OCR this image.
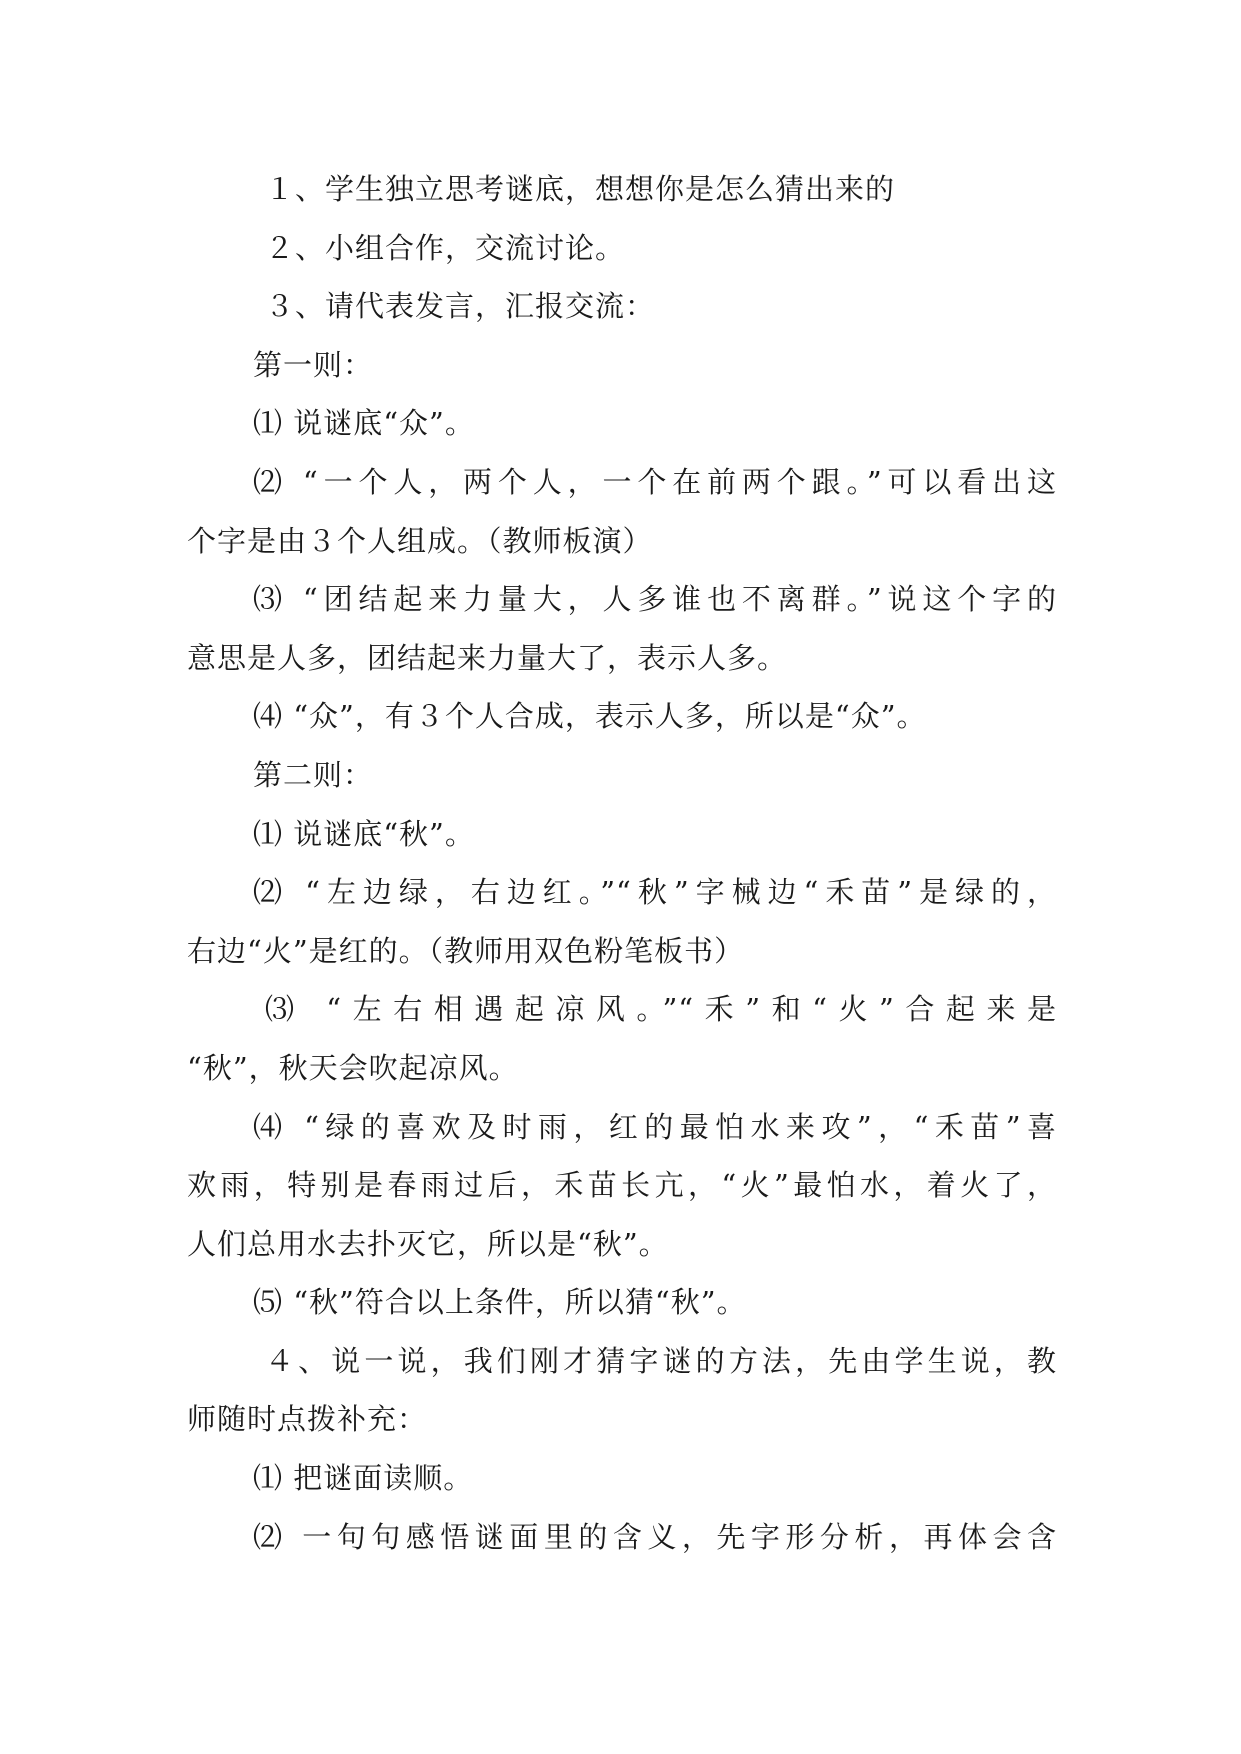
１、学生独立思考谜底，想想你是怎么猜出来的
２、小组合作，交流讨论。
３、请代表发言，汇报交流：
第一则：
⑴ 说谜底“众”。
⑵ “一个人，两个人，一个在前两个跟。”可以看出这
个字是由３个人组成。（教师板演）
⑶ “团结起来力量大，人多谁也不离群。”说这个字的
意思是人多，团结起来力量大了，表示人多。
⑷ “众”，有３个人合成，表示人多，所以是“众”。
第二则：
⑴ 说谜底“秋”。
⑵ “左边绿，右边红。”“秋”字械边“禾苗”是绿的，
右边“火”是红的。（教师用双色粉笔板书）
⑶ “左右相遇起凉风。”“禾”和“火”合起来是
“秋”，秋天会吹起凉风。
⑷ “绿的喜欢及时雨，红的最怕水来攻”，“禾苗”喜
欢雨，特别是春雨过后，禾苗长亢，“火”最怕水，着火了，
人们总用水去扑灭它，所以是“秋”。
⑸ “秋”符合以上条件，所以猜“秋”。
４、说一说，我们刚才猜字谜的方法，先由学生说，教
师随时点拨补充：
⑴ 把谜面读顺。
⑵ 一句句感悟谜面里的含义，先字形分析，再体会含
